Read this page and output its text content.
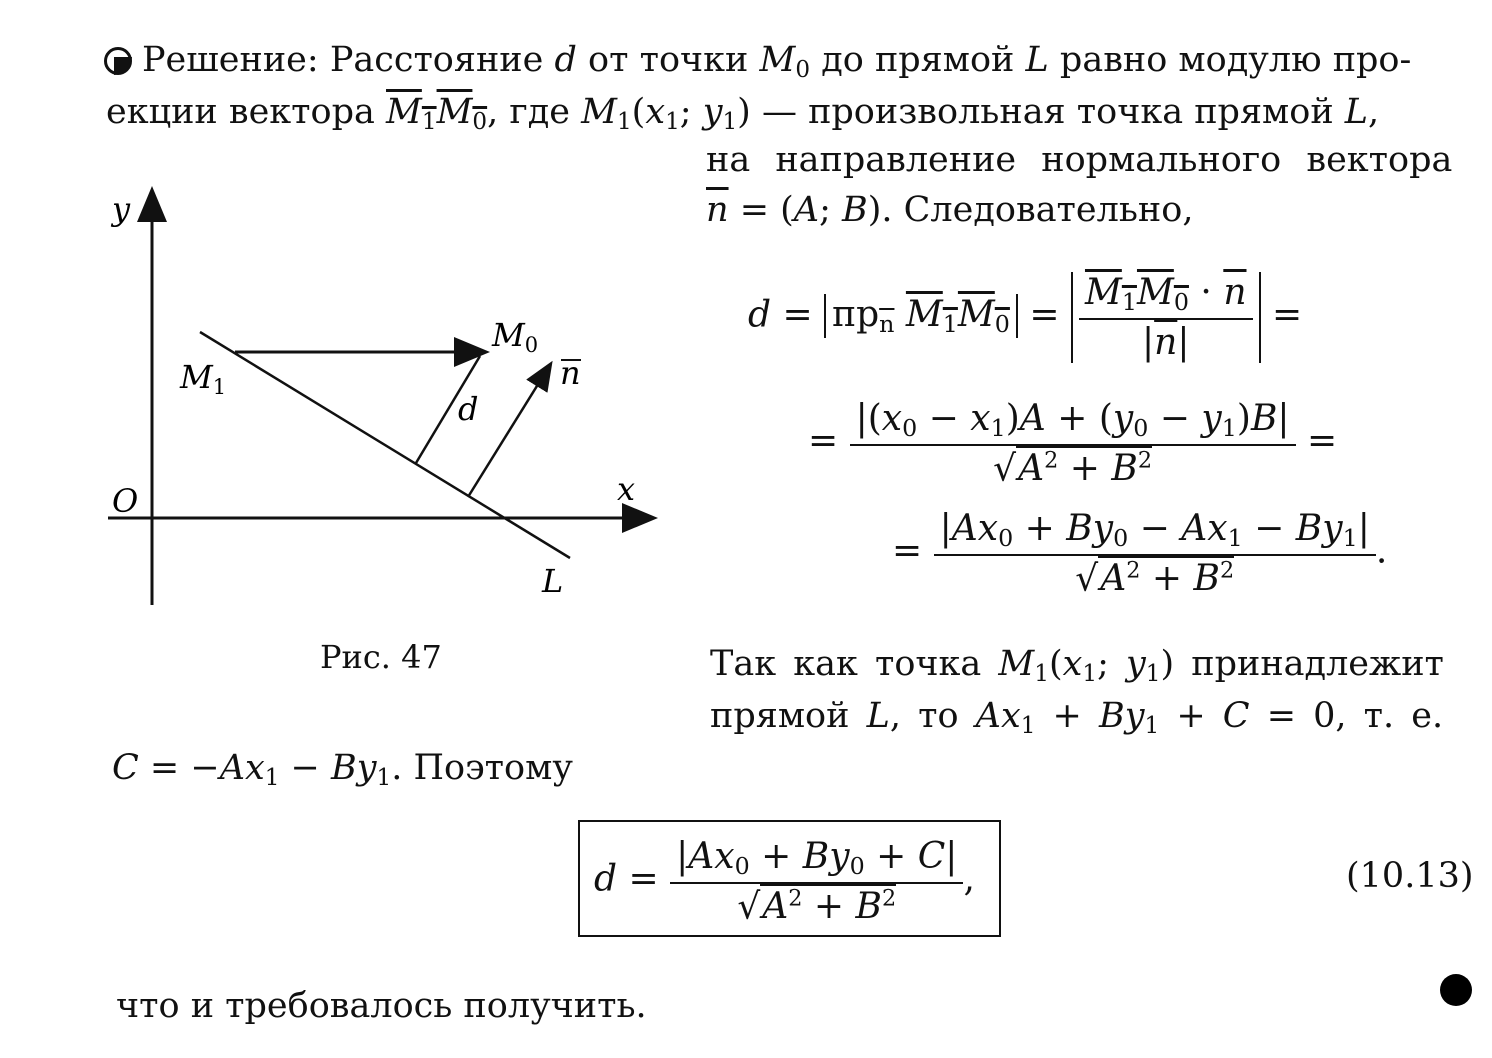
Решение: Расстояние d от точки $M_0$ до прямой L равно модулю про-
екции вектора $M_1M_0$, где $M_1(x_1$; $y_1$) — произвольная точка прямой L,
на направление нормального вектора
$\overline{n} = (A$; B). Следовательно,
y
x
O
L
d
M1
M0
n
Рис. 47
$d = пр_{\overline{n}}$ $M_1M_0 = \frac{M_1M_0 \cdot \overline{n}}{|\overline{n}|}$ =
= $\frac{|(x_0 - x_1)A + (y_0 - y_1)B|}{√A^2 + B^2}$ =
= $\frac{|Ax_0 + By_0 - Ax_1 - By_1|}{√A^2 + B^2}$ .
Так как точка $M_1(x_1$; $y_1$) принадлежит
прямой L, то $Ax_1 + By_1 + C = 0$, т. е.
$C = -Ax_1 - By_1$. Поэтому
$d = \frac{|Ax_0 + By_0 + C|}{√A^2 + B^2}$ ,	(10.13)
что и требовалось получить.
